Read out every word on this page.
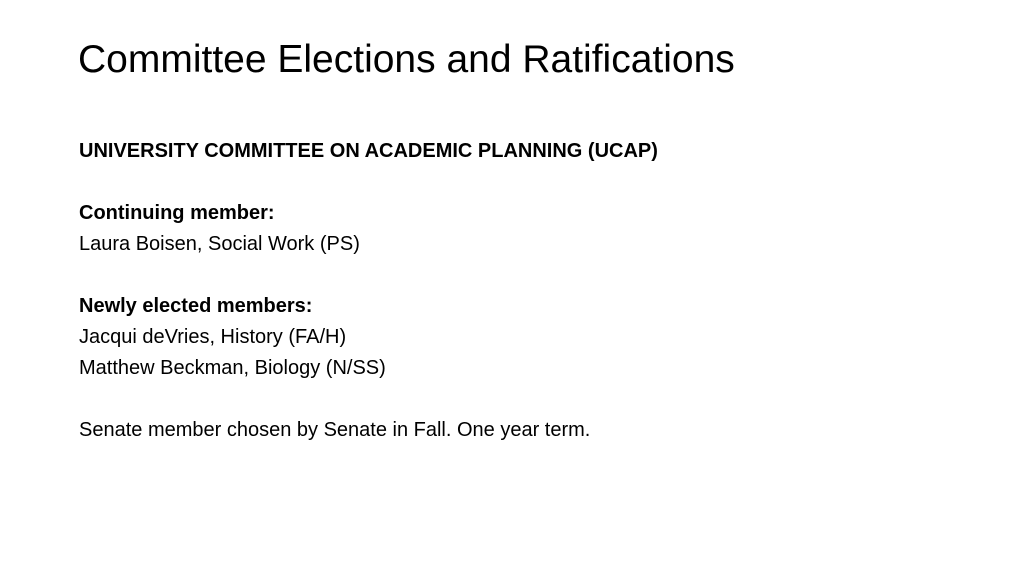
Committee Elections and Ratifications
UNIVERSITY COMMITTEE ON ACADEMIC PLANNING (UCAP)
Continuing member:
Laura Boisen, Social Work (PS)
Newly elected members:
Jacqui deVries, History (FA/H)
Matthew Beckman, Biology (N/SS)
Senate member chosen by Senate in Fall. One year term.
